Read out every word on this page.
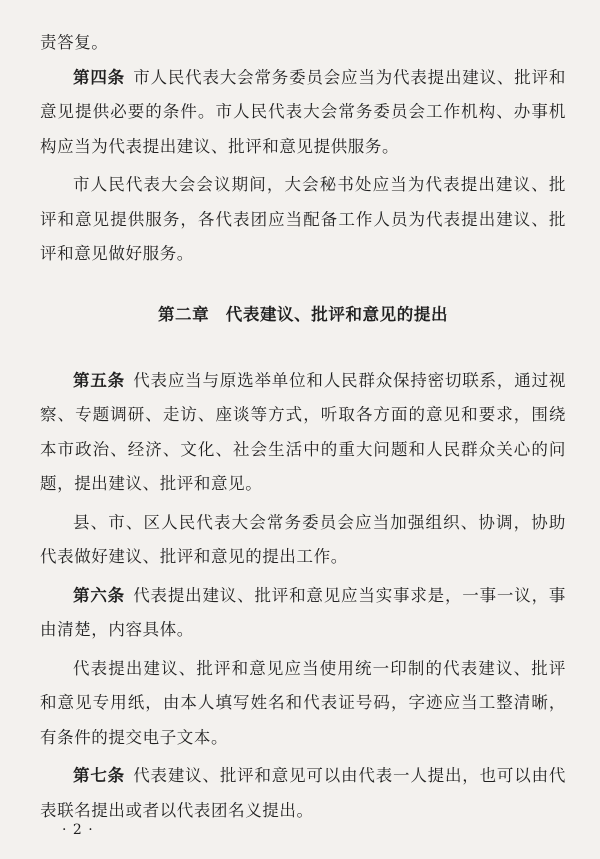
责答复。

第四条 市人民代表大会常务委员会应当为代表提出建议、批评和意见提供必要的条件。市人民代表大会常务委员会工作机构、办事机构应当为代表提出建议、批评和意见提供服务。

市人民代表大会会议期间，大会秘书处应当为代表提出建议、批评和意见提供服务，各代表团应当配备工作人员为代表提出建议、批评和意见做好服务。

第二章 代表建议、批评和意见的提出

第五条 代表应当与原选举单位和人民群众保持密切联系，通过视察、专题调研、走访、座谈等方式，听取各方面的意见和要求，围绕本市政治、经济、文化、社会生活中的重大问题和人民群众关心的问题，提出建议、批评和意见。

县、市、区人民代表大会常务委员会应当加强组织、协调，协助代表做好建议、批评和意见的提出工作。

第六条 代表提出建议、批评和意见应当实事求是，一事一议，事由清楚，内容具体。

代表提出建议、批评和意见应当使用统一印制的代表建议、批评和意见专用纸，由本人填写姓名和代表证号码，字迹应当工整清晰，有条件的提交电子文本。

第七条 代表建议、批评和意见可以由代表一人提出，也可以由代表联名提出或者以代表团名义提出。

· 2 ·
